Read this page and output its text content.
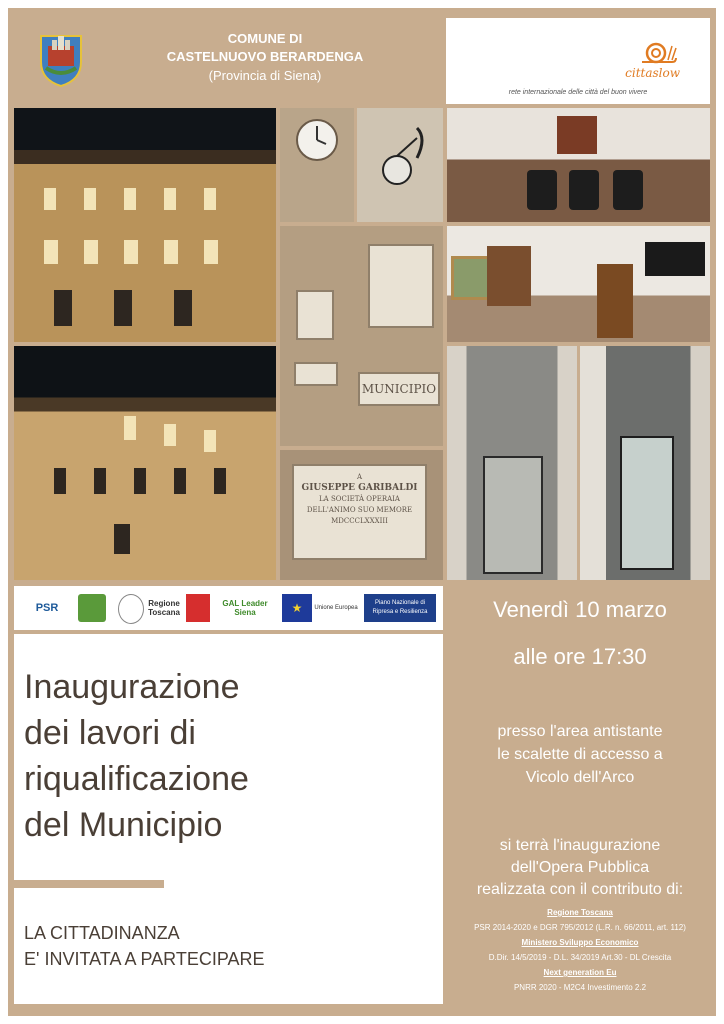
COMUNE DI
CASTELNUOVO BERARDENGA
(Provincia di Siena)	cittaslow
rete internazionale delle città del buon vivere
MUNICIPIO
A
GIUSEPPE GARIBALDI
LA SOCIETÀ OPERAIA
DELL'ANIMO SUO MEMORE
MDCCCLXXXIII
PSR	Regione Toscana
GAL Leader Siena	★	Unione Europea
Piano Nazionale di Ripresa e Resilienza
Inaugurazione
dei lavori di
riqualificazione
del Municipio
LA CITTADINANZA
E' INVITATA A PARTECIPARE
Venerdì 10 marzo
alle ore 17:30
presso l'area antistante
le scalette di accesso a
Vicolo dell'Arco
si terrà l'inaugurazione
dell'Opera Pubblica
realizzata con il contributo di:
Regione Toscana
PSR 2014-2020 e DGR 795/2012 (L.R. n. 66/2011, art. 112)
Ministero Sviluppo Economico
D.Dir. 14/5/2019 - D.L. 34/2019 Art.30 - DL Crescita
Next generation Eu
PNRR 2020 - M2C4 Investimento 2.2
